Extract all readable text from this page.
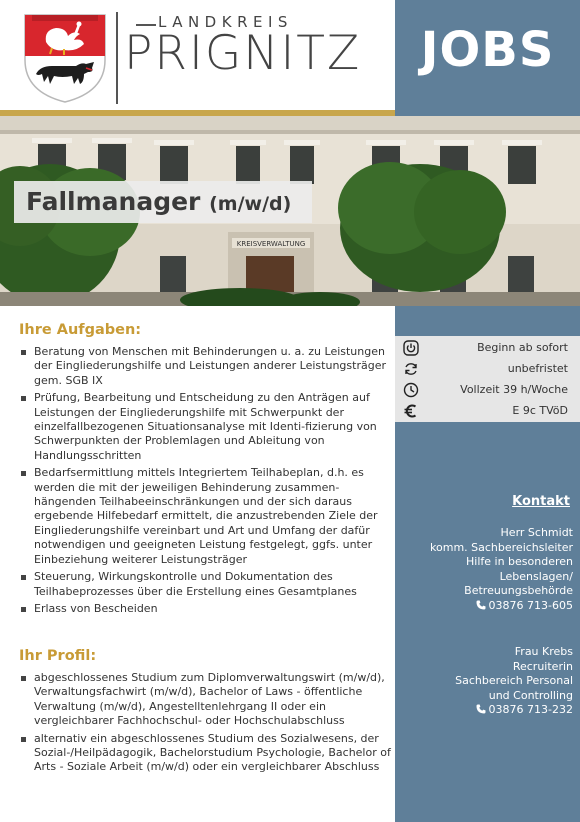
LANDKREIS
PRIGNITZ	JOBS
KREISVERWALTUNG
Fallmanager (m/w/d)
Ihre Aufgaben:
Beratung von Menschen mit Behinderungen u. a. zu Leistungen der Eingliederungshilfe und Leistungen anderer Leistungsträger gem. SGB IX
Prüfung, Bearbeitung und Entscheidung zu den Anträgen auf Leistungen der Eingliederungshilfe mit Schwerpunkt der einzelfallbezogenen Situationsanalyse mit Identi-fizierung von Schwerpunkten der Problemlagen und Ableitung von Handlungsschritten
Bedarfsermittlung mittels Integriertem Teilhabeplan, d.h. es werden die mit der jeweiligen Behinderung zusammen-hängenden Teilhabeeinschränkungen und der sich daraus ergebende Hilfebedarf ermittelt, die anzustrebenden Ziele der Eingliederungshilfe vereinbart und Art und Umfang der dafür notwendigen und geeigneten Leistung festgelegt, ggfs. unter Einbeziehung weiterer Leistungsträger
Steuerung, Wirkungskontrolle und Dokumentation des Teilhabeprozesses über die Erstellung eines Gesamtplanes
Erlass von Bescheiden
Ihr Profil:
abgeschlossenes Studium zum Diplomverwaltungswirt (m/w/d), Verwaltungsfachwirt (m/w/d), Bachelor of Laws - öffentliche Verwaltung (m/w/d), Angestelltenlehrgang II oder ein vergleichbarer Fachhochschul- oder Hochschulabschluss
alternativ ein abgeschlossenes Studium des Sozialwesens, der Sozial-/Heilpädagogik, Bachelorstudium Psychologie, Bachelor of Arts - Soziale Arbeit (m/w/d) oder ein vergleichbarer Abschluss
Beginn ab sofort
unbefristet
Vollzeit 39 h/Woche
E 9c TVöD
Kontakt
Herr Schmidt
komm. Sachbereichsleiter
Hilfe in besonderen
Lebenslagen/
Betreuungsbehörde
03876 713-605
Frau Krebs
Recruiterin
Sachbereich Personal
und Controlling
03876 713-232
